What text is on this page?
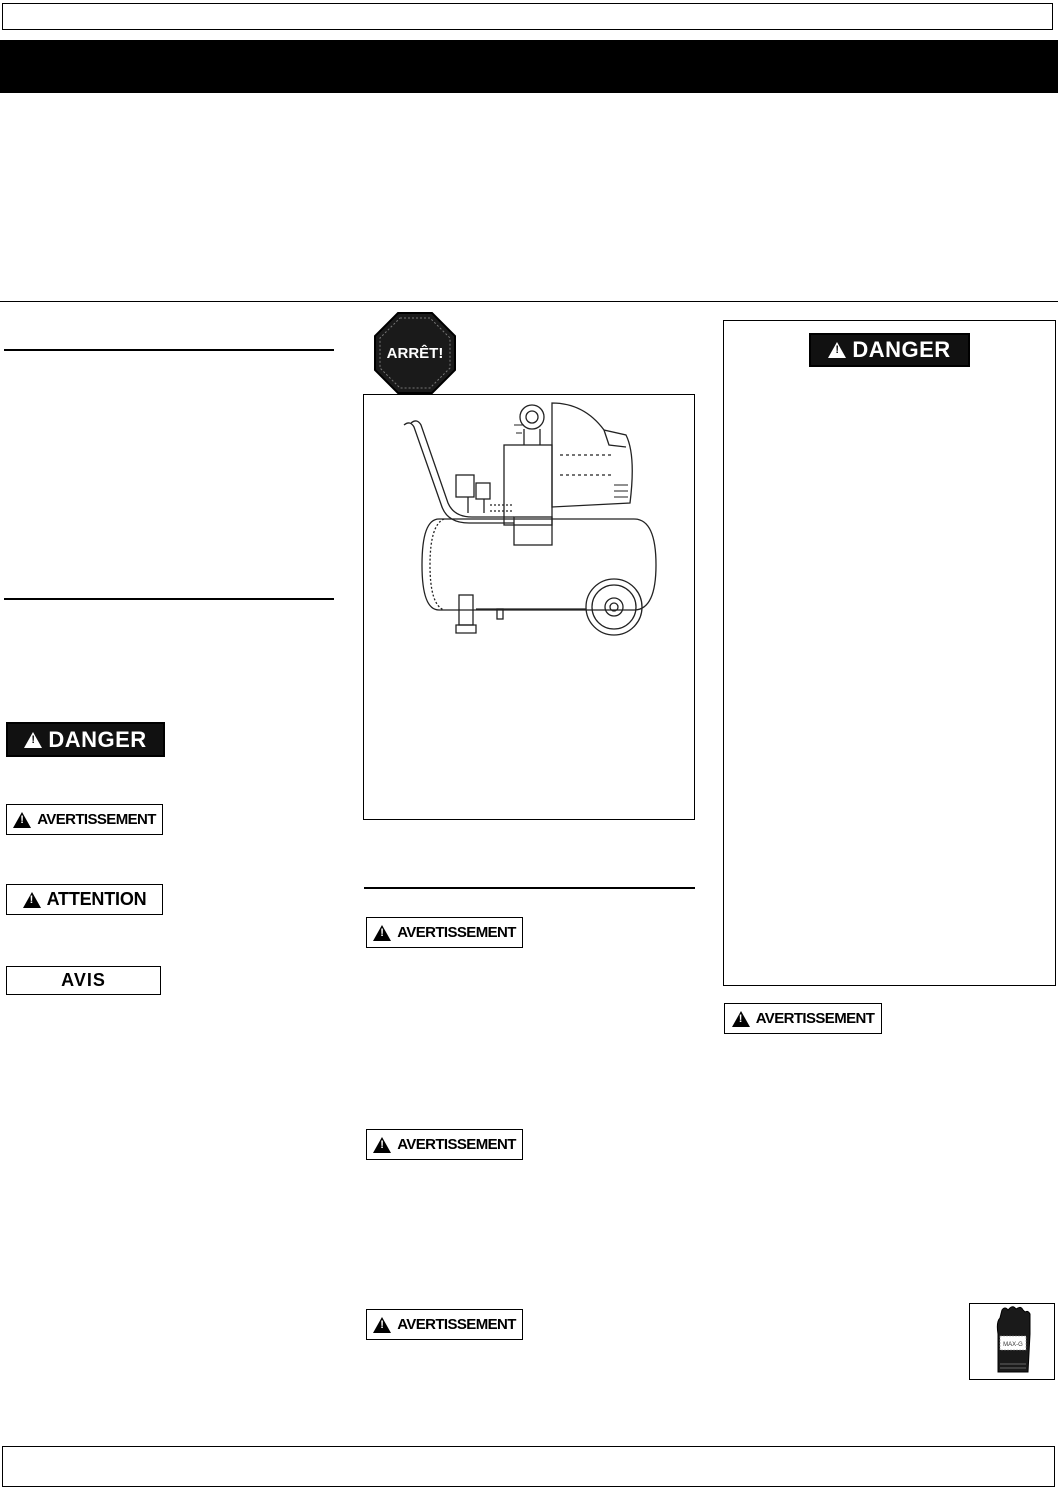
!
DANGER
!
AVERTISSEMENT
!
ATTENTION
AVIS
ARRÊT!
!
AVERTISSEMENT
!
AVERTISSEMENT
!
AVERTISSEMENT
!
DANGER
!
AVERTISSEMENT
MAX-G
